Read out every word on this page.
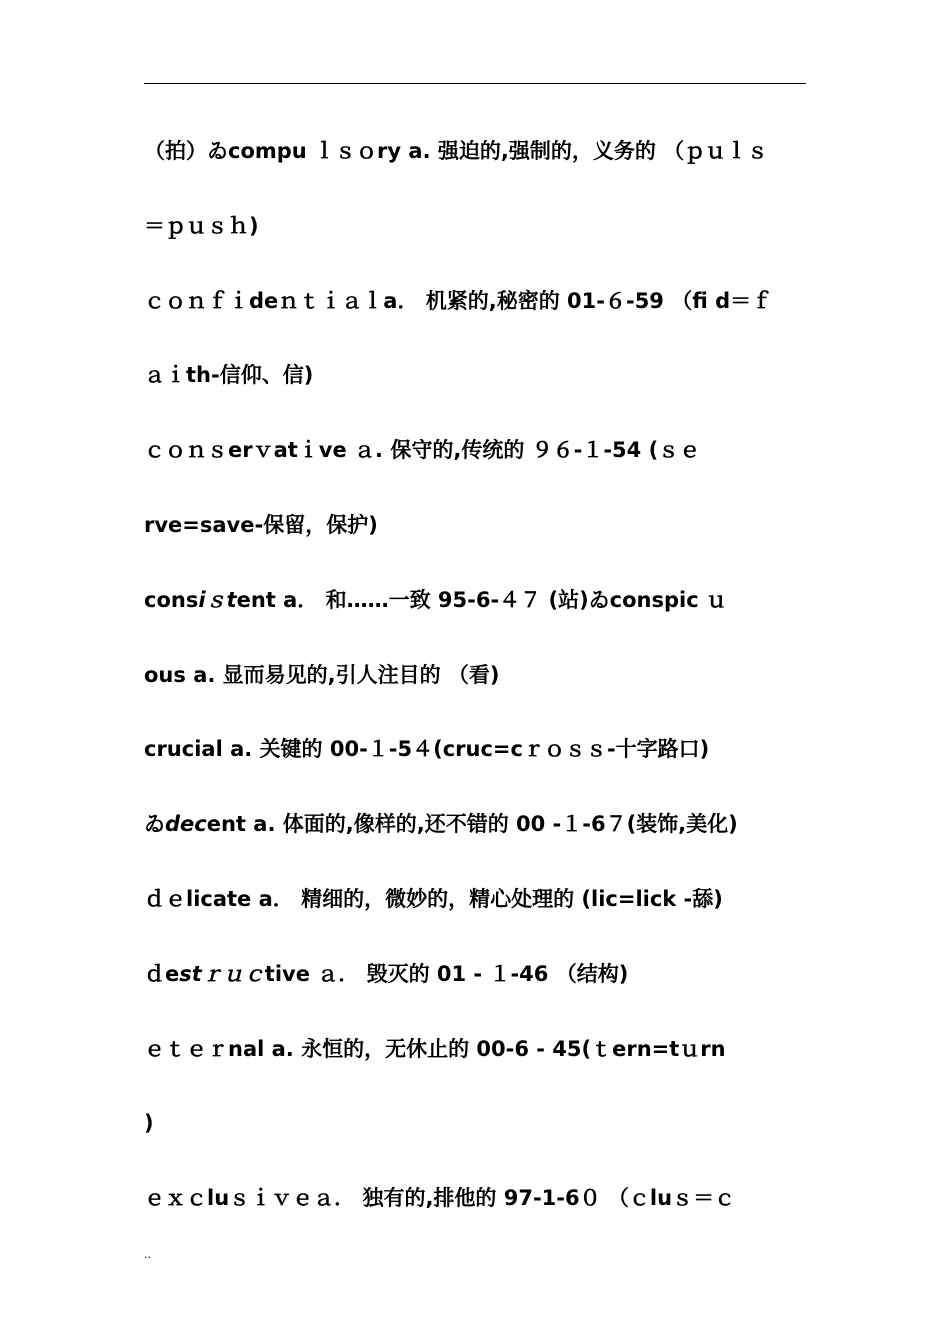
（拍）ゐcompu ｌｓｏry a. 强迫的,强制的，义务的 （ｐｕｌｓ
＝ｐｕｓｈ)
ｃｏｎｆｉdeｎｔｉａｌa． 机紧的,秘密的 01-６-59 （fi d＝ｆ
ａｉth-信仰、信)
ｃｏｎｓerｖatｉve ａ. 保守的,传统的 ９６-１-54 (ｓｅ
rve=save-保留，保护)
consiｓtent a． 和……一致 95-6-４７ (站)ゐconspic ｕ
ous a. 显而易见的,引人注目的 （看)
crucial a. 关键的 00-１-5４(cruc=cｒｏｓｓ-十字路口)
ゐdecent a. 体面的,像样的,还不错的 00 -１-6７(装饰,美化)
ｄｅlicate a． 精细的，微妙的，精心处理的 (lic=lick -舔)
ｄestｒｕｃtive ａ． 毁灭的 01 - １-46 （结构)
ｅｔｅｒnal a. 永恒的，无休止的 00-6 - 45(ｔern=tｕrn
)
ｅｘｃluｓｉｖｅａ． 独有的,排他的 97-1-6０ （ｃluｓ＝ｃ
..
